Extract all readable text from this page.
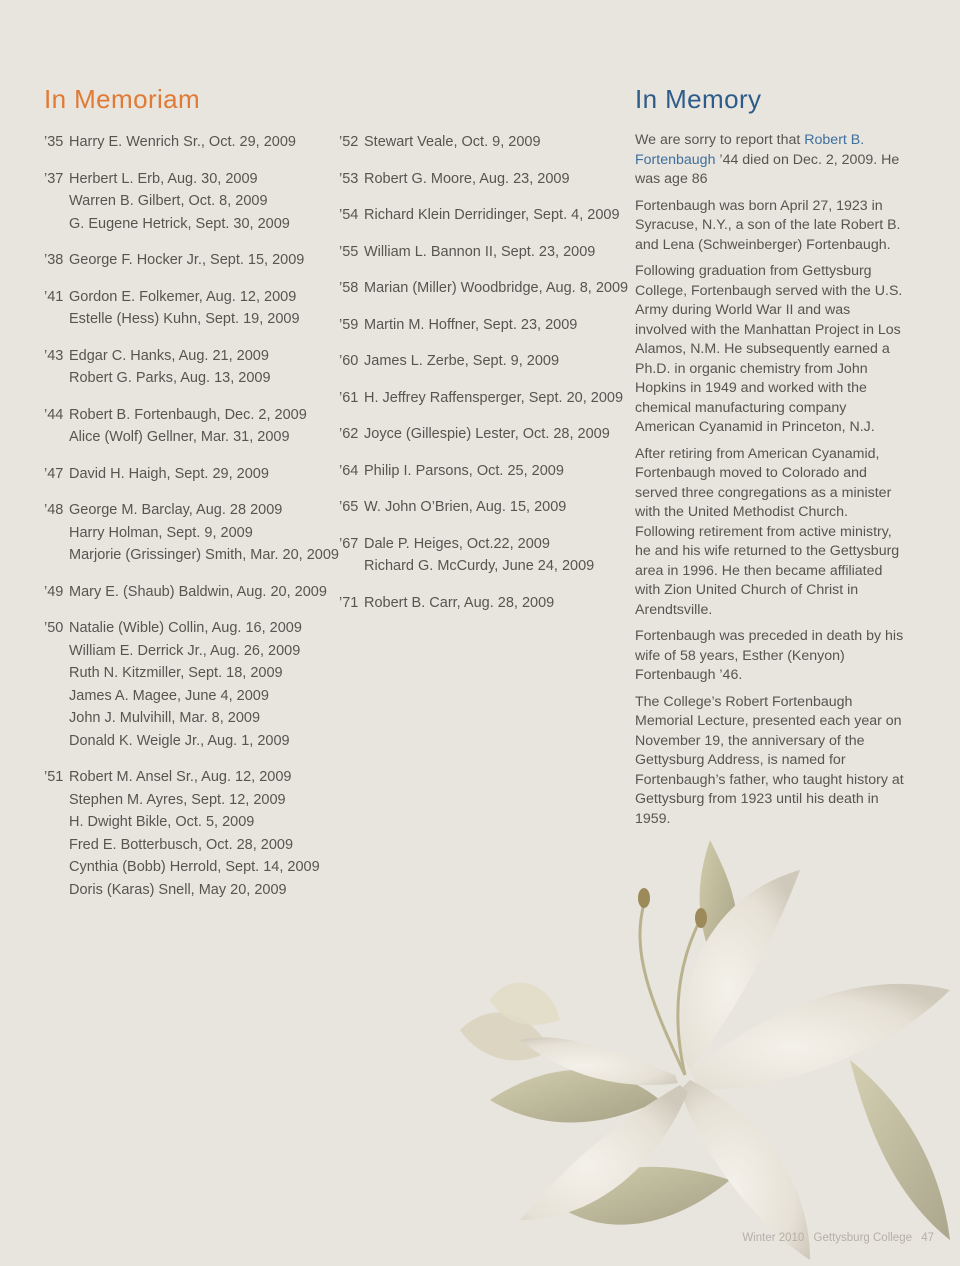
In Memoriam	In Memory
’35 Harry E. Wenrich Sr., Oct. 29, 2009
’37 Herbert L. Erb, Aug. 30, 2009
Warren B. Gilbert, Oct. 8, 2009
G. Eugene Hetrick, Sept. 30, 2009
’38 George F. Hocker Jr., Sept. 15, 2009
’41 Gordon E. Folkemer, Aug. 12, 2009
Estelle (Hess) Kuhn, Sept. 19, 2009
’43 Edgar C. Hanks, Aug. 21, 2009
Robert G. Parks, Aug. 13, 2009
’44 Robert B. Fortenbaugh, Dec. 2, 2009
Alice (Wolf) Gellner, Mar. 31, 2009
’47 David H. Haigh, Sept. 29, 2009
’48 George M. Barclay, Aug. 28 2009
Harry Holman, Sept. 9, 2009
Marjorie (Grissinger) Smith, Mar. 20, 2009
’49 Mary E. (Shaub) Baldwin, Aug. 20, 2009
’50 Natalie (Wible) Collin, Aug. 16, 2009
William E. Derrick Jr., Aug. 26, 2009
Ruth N. Kitzmiller, Sept. 18, 2009
James A. Magee, June 4, 2009
John J. Mulvihill, Mar. 8, 2009
Donald K. Weigle Jr., Aug. 1, 2009
’51 Robert M. Ansel Sr., Aug. 12, 2009
Stephen M. Ayres, Sept. 12, 2009
H. Dwight Bikle, Oct. 5, 2009
Fred E. Botterbusch, Oct. 28, 2009
Cynthia (Bobb) Herrold, Sept. 14, 2009
Doris (Karas) Snell, May 20, 2009
’52 Stewart Veale, Oct. 9, 2009
’53 Robert G. Moore, Aug. 23, 2009
’54 Richard Klein Derridinger, Sept. 4, 2009
’55 William L. Bannon II, Sept. 23, 2009
’58 Marian (Miller) Woodbridge, Aug. 8, 2009
’59 Martin M. Hoffner, Sept. 23, 2009
’60 James L. Zerbe, Sept. 9, 2009
’61 H. Jeffrey Raffensperger, Sept. 20, 2009
’62 Joyce (Gillespie) Lester, Oct. 28, 2009
’64 Philip I. Parsons, Oct. 25, 2009
’65 W. John O’Brien, Aug. 15, 2009
’67 Dale P. Heiges, Oct.22, 2009
Richard G. McCurdy, June 24, 2009
’71 Robert B. Carr, Aug. 28, 2009

We are sorry to report that Robert B. Fortenbaugh ’44 died on Dec. 2, 2009. He was age 86

Fortenbaugh was born April 27, 1923 in Syracuse, N.Y., a son of the late Robert B. and Lena (Schweinberger) Fortenbaugh.

Following graduation from Gettysburg College, Fortenbaugh served with the U.S. Army during World War II and was involved with the Manhattan Project in Los Alamos, N.M. He subsequently earned a Ph.D. in organic chemistry from John Hopkins in 1949 and worked with the chemical manufacturing company American Cyanamid in Princeton, N.J.

After retiring from American Cyanamid, Fortenbaugh moved to Colorado and served three congregations as a minister with the United Methodist Church. Following retirement from active ministry, he and his wife returned to the Gettysburg area in 1996. He then became affiliated with Zion United Church of Christ in Arendtsville.

Fortenbaugh was preceded in death by his wife of 58 years, Esther (Kenyon) Fortenbaugh ’46.

The College’s Robert Fortenbaugh Memorial Lecture, presented each year on November 19, the anniversary of the Gettysburg Address, is named for Fortenbaugh’s father, who taught history at Gettysburg from 1923 until his death in 1959.

Winter 2010 Gettysburg College 47
